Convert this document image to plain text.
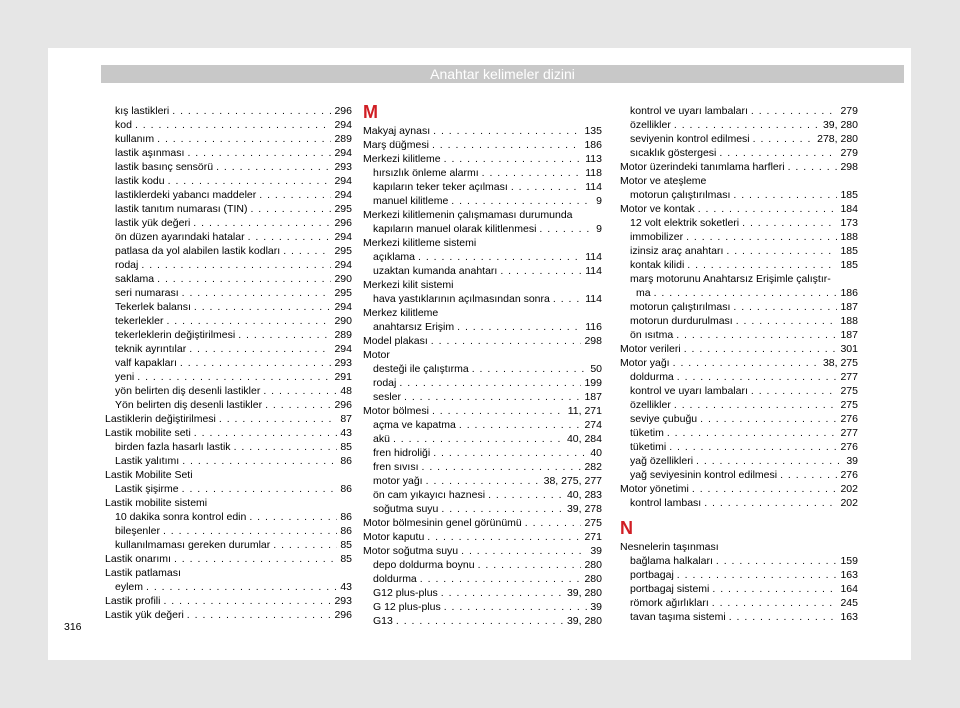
Anahtar kelimeler dizini
kış lastikleri . . .	296
kod . . .	294
kullanım . . .	289
lastik aşınması . . .	294
lastik basınç sensörü . . .	293
lastik kodu . . .	294
lastiklerdeki yabancı maddeler . . .	294
lastik tanıtım numarası (TIN) . . .	295
lastik yük değeri . . .	296
ön düzen ayarındaki hatalar . . .	294
patlasa da yol alabilen lastik kodları . . .	295
rodaj . . .	294
saklama . . .	290
seri numarası . . .	295
Tekerlek balansı . . .	294
tekerlekler . . .	290
tekerleklerin değiştirilmesi . . .	289
teknik ayrıntılar . . .	294
valf kapakları . . .	293
yeni . . .	291
yön belirten diş desenli lastikler . . .	48
Yön belirten diş desenli lastikler . . .	296
Lastiklerin değiştirilmesi . . .	87
Lastik mobilite seti . . .	43
birden fazla hasarlı lastik . . .	85
Lastik yalıtımı . . .	86
Lastik Mobilite Seti
Lastik şişirme . . .	86
Lastik mobilite sistemi
10 dakika sonra kontrol edin . . .	86
bileşenler . . .	86
kullanılmaması gereken durumlar . . .	85
Lastik onarımı . . .	85
Lastik patlaması
eylem . . .	43
Lastik profili . . .	293
Lastik yük değeri . . .	296
M
Makyaj aynası . . .	135
Marş düğmesi . . .	186
Merkezi kilitleme . . .	113
hırsızlık önleme alarmı . . .	118
kapıların teker teker açılması . . .	114
manuel kilitleme . . .	9
Merkezi kilitlemenin çalışmaması durumunda
kapıların manuel olarak kilitlenmesi . . .	9
Merkezi kilitleme sistemi
açıklama . . .	114
uzaktan kumanda anahtarı . . .	114
Merkezi kilit sistemi
hava yastıklarının açılmasından sonra . . .	114
Merkez kilitleme
anahtarsız Erişim . . .	116
Model plakası . . .	298
Motor
desteği ile çalıştırma . . .	50
rodaj . . .	199
sesler . . .	187
Motor bölmesi . . .	11, 271
açma ve kapatma . . .	274
akü . . .	40, 284
fren hidroliği . . .	40
fren sıvısı . . .	282
motor yağı . . .	38, 275, 277
ön cam yıkayıcı haznesi . . .	40, 283
soğutma suyu . . .	39, 278
Motor bölmesinin genel görünümü . . .	275
Motor kaputu . . .	271
Motor soğutma suyu . . .	39
depo doldurma boynu . . .	280
doldurma . . .	280
G12 plus-plus . . .	39, 280
G 12 plus-plus . . .	39
G13 . . .	39, 280
kontrol ve uyarı lambaları . . .	279
özellikler . . .	39, 280
seviyenin kontrol edilmesi . . .	278, 280
sıcaklık göstergesi . . .	279
Motor üzerindeki tanımlama harfleri . . .	298
Motor ve ateşleme
motorun çalıştırılması . . .	185
Motor ve kontak . . .	184
12 volt elektrik soketleri . . .	173
immobilizer . . .	188
izinsiz araç anahtarı . . .	185
kontak kilidi . . .	185
marş motorunu Anahtarsız Erişimle çalıştır-
ma . . .	186
motorun çalıştırılması . . .	187
motorun durdurulması . . .	188
ön ısıtma . . .	187
Motor verileri . . .	301
Motor yağı . . .	38, 275
doldurma . . .	277
kontrol ve uyarı lambaları . . .	275
özellikler . . .	275
seviye çubuğu . . .	276
tüketim . . .	277
tüketimi . . .	276
yağ özellikleri . . .	39
yağ seviyesinin kontrol edilmesi . . .	276
Motor yönetimi . . .	202
kontrol lambası . . .	202
N
Nesnelerin taşınması
bağlama halkaları . . .	159
portbagaj . . .	163
portbagaj sistemi . . .	164
römork ağırlıkları . . .	245
tavan taşıma sistemi . . .	163
316
